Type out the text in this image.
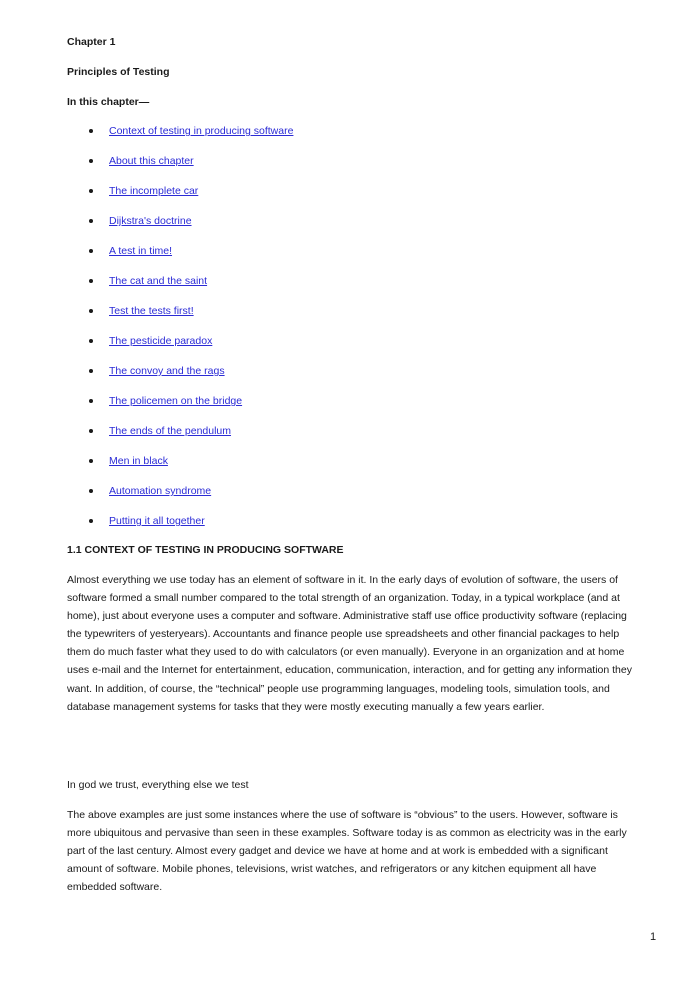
Chapter 1
Principles of Testing
In this chapter—
Context of testing in producing software
About this chapter
The incomplete car
Dijkstra's doctrine
A test in time!
The cat and the saint
Test the tests first!
The pesticide paradox
The convoy and the rags
The policemen on the bridge
The ends of the pendulum
Men in black
Automation syndrome
Putting it all together
1.1 CONTEXT OF TESTING IN PRODUCING SOFTWARE

Almost everything we use today has an element of software in it. In the early days of evolution of software, the users of software formed a small number compared to the total strength of an organization. Today, in a typical workplace (and at home), just about everyone uses a computer and software. Administrative staff use office productivity software (replacing the typewriters of yesteryears). Accountants and finance people use spreadsheets and other financial packages to help them do much faster what they used to do with calculators (or even manually). Everyone in an organization and at home uses e-mail and the Internet for entertainment, education, communication, interaction, and for getting any information they want. In addition, of course, the “technical” people use programming languages, modeling tools, simulation tools, and database management systems for tasks that they were mostly executing manually a few years earlier.

In god we trust, everything else we test

The above examples are just some instances where the use of software is “obvious” to the users. However, software is more ubiquitous and pervasive than seen in these examples. Software today is as common as electricity was in the early part of the last century. Almost every gadget and device we have at home and at work is embedded with a significant amount of software. Mobile phones, televisions, wrist watches, and refrigerators or any kitchen equipment all have embedded software.

1
